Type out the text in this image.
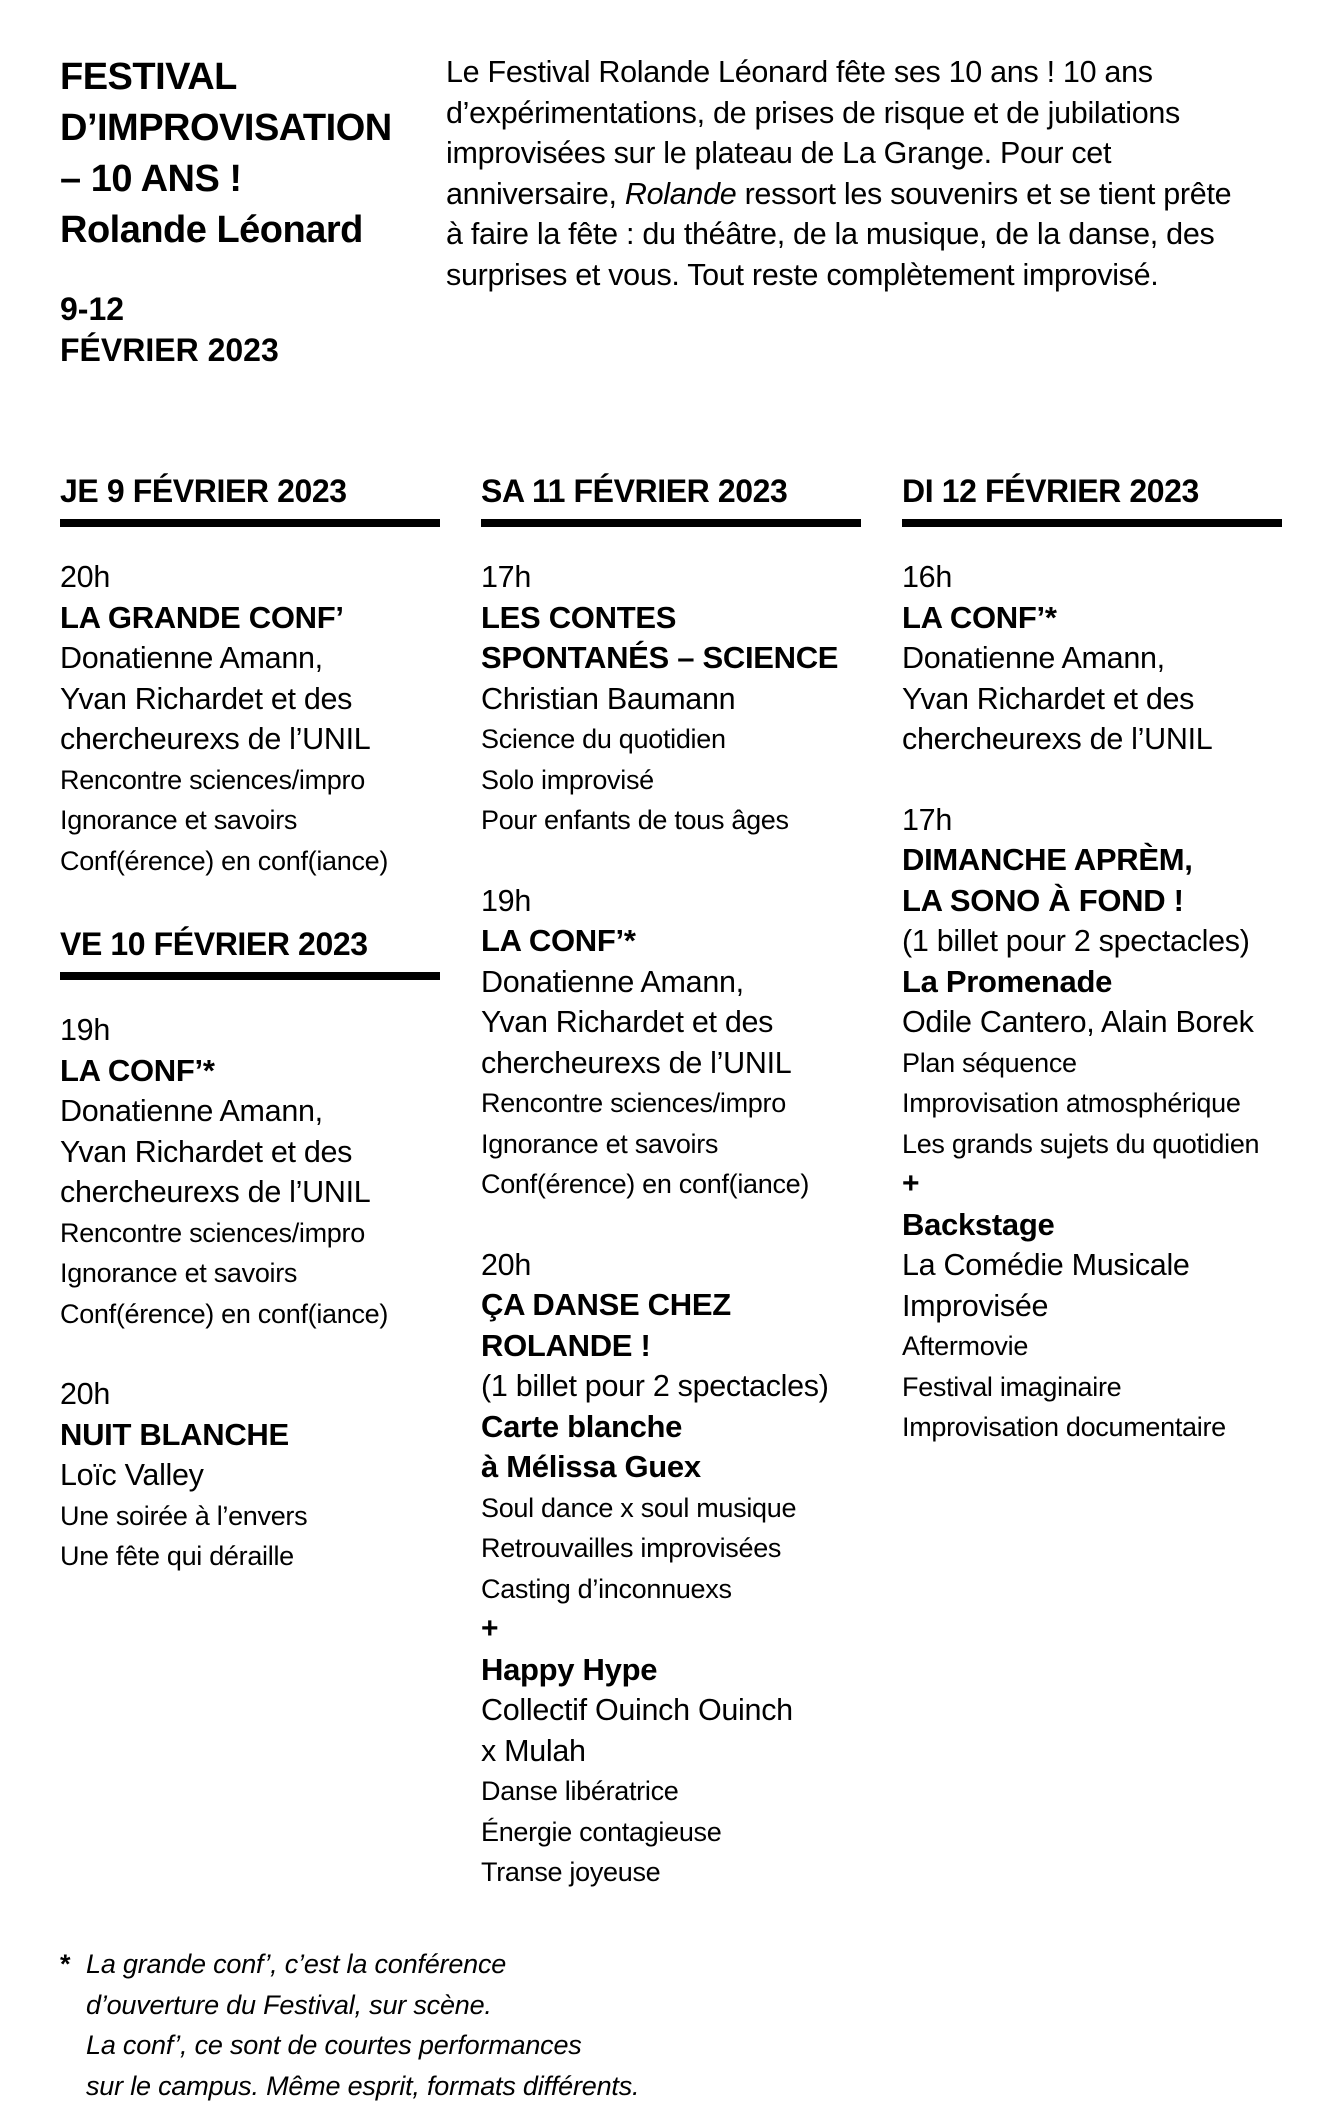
FESTIVAL
D’IMPROVISATION
– 10 ANS !
Rolande Léonard
9-12
FÉVRIER 2023
Le Festival Rolande Léonard fête ses 10 ans ! 10 ans
d’expérimentations, de prises de risque et de jubilations
improvisées sur le plateau de La Grange. Pour cet
anniversaire, Rolande ressort les souvenirs et se tient prête
à faire la fête : du théâtre, de la musique, de la danse, des
surprises et vous. Tout reste complètement improvisé.
JE 9 FÉVRIER 2023
20h
LA GRANDE CONF’
Donatienne Amann,
Yvan Richardet et des
chercheurexs de l’UNIL
Rencontre sciences/impro
Ignorance et savoirs
Conf(érence) en conf(iance)
VE 10 FÉVRIER 2023
19h
LA CONF’*
Donatienne Amann,
Yvan Richardet et des
chercheurexs de l’UNIL
Rencontre sciences/impro
Ignorance et savoirs
Conf(érence) en conf(iance)
20h
NUIT BLANCHE
Loïc Valley
Une soirée à l’envers
Une fête qui déraille
SA 11 FÉVRIER 2023
17h
LES CONTES
SPONTANÉS – SCIENCE
Christian Baumann
Science du quotidien
Solo improvisé
Pour enfants de tous âges
19h
LA CONF’*
Donatienne Amann,
Yvan Richardet et des
chercheurexs de l’UNIL
Rencontre sciences/impro
Ignorance et savoirs
Conf(érence) en conf(iance)
20h
ÇA DANSE CHEZ
ROLANDE !
(1 billet pour 2 spectacles)
Carte blanche
à Mélissa Guex
Soul dance x soul musique
Retrouvailles improvisées
Casting d’inconnuexs
+
Happy Hype
Collectif Ouinch Ouinch
x Mulah
Danse libératrice
Énergie contagieuse
Transe joyeuse
DI 12 FÉVRIER 2023
16h
LA CONF’*
Donatienne Amann,
Yvan Richardet et des
chercheurexs de l’UNIL
17h
DIMANCHE APRÈM,
LA SONO À FOND !
(1 billet pour 2 spectacles)
La Promenade
Odile Cantero, Alain Borek
Plan séquence
Improvisation atmosphérique
Les grands sujets du quotidien
+
Backstage
La Comédie Musicale
Improvisée
Aftermovie
Festival imaginaire
Improvisation documentaire
* La grande conf’, c’est la conférence
d’ouverture du Festival, sur scène.
La conf’, ce sont de courtes performances
sur le campus. Même esprit, formats différents.
